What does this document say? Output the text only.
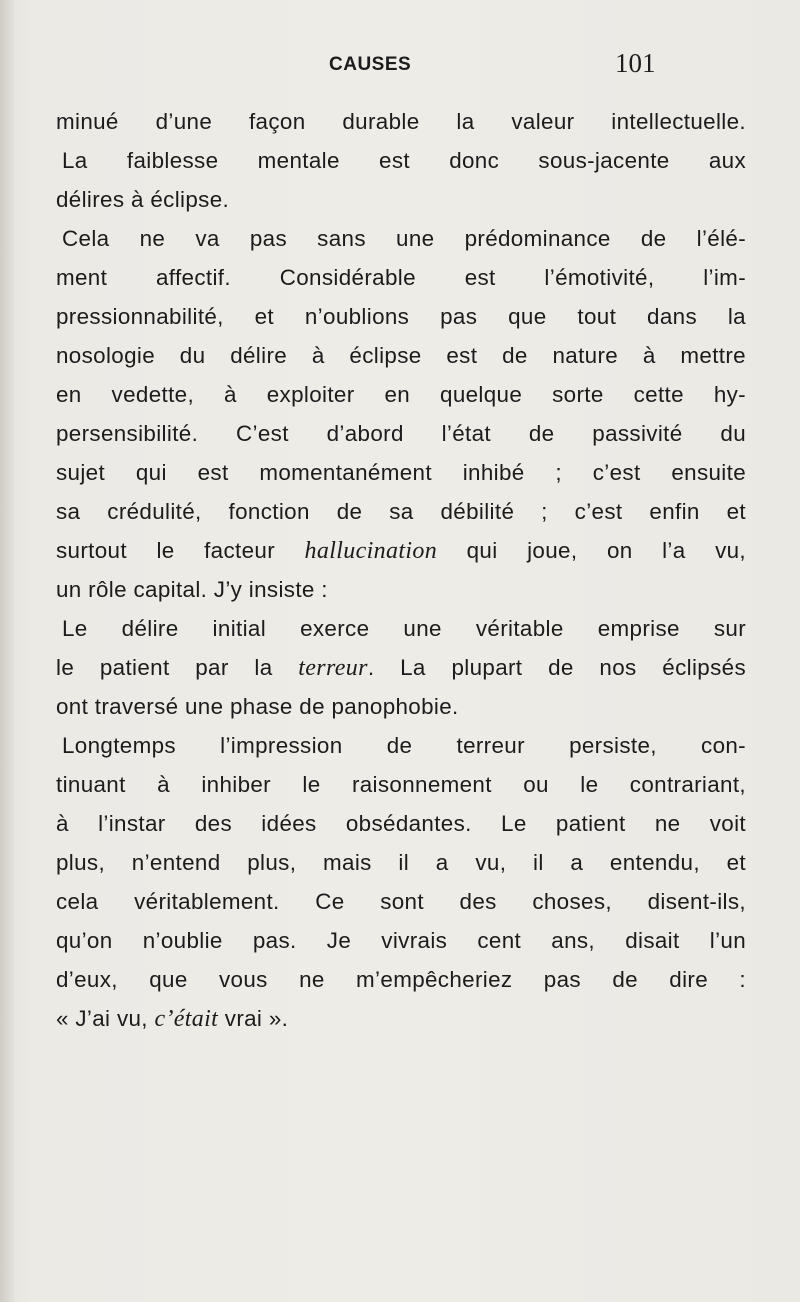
CAUSES	101
minué d’une façon durable la valeur intellectuelle.
La faiblesse mentale est donc sous-jacente aux
délires à éclipse.
Cela ne va pas sans une prédominance de l’élé-
ment affectif. Considérable est l’émotivité, l’im-
pressionnabilité, et n’oublions pas que tout dans la
nosologie du délire à éclipse est de nature à mettre
en vedette, à exploiter en quelque sorte cette hy-
persensibilité. C’est d’abord l’état de passivité du
sujet qui est momentanément inhibé ; c’est ensuite
sa crédulité, fonction de sa débilité ; c’est enfin et
surtout le facteur hallucination qui joue, on l’a vu,
un rôle capital. J’y insiste :
Le délire initial exerce une véritable emprise sur
le patient par la terreur. La plupart de nos éclipsés
ont traversé une phase de panophobie.
Longtemps l’impression de terreur persiste, con-
tinuant à inhiber le raisonnement ou le contrariant,
à l’instar des idées obsédantes. Le patient ne voit
plus, n’entend plus, mais il a vu, il a entendu, et
cela véritablement. Ce sont des choses, disent-ils,
qu’on n’oublie pas. Je vivrais cent ans, disait l’un
d’eux, que vous ne m’empêcheriez pas de dire :
« J’ai vu, c’était vrai ».
